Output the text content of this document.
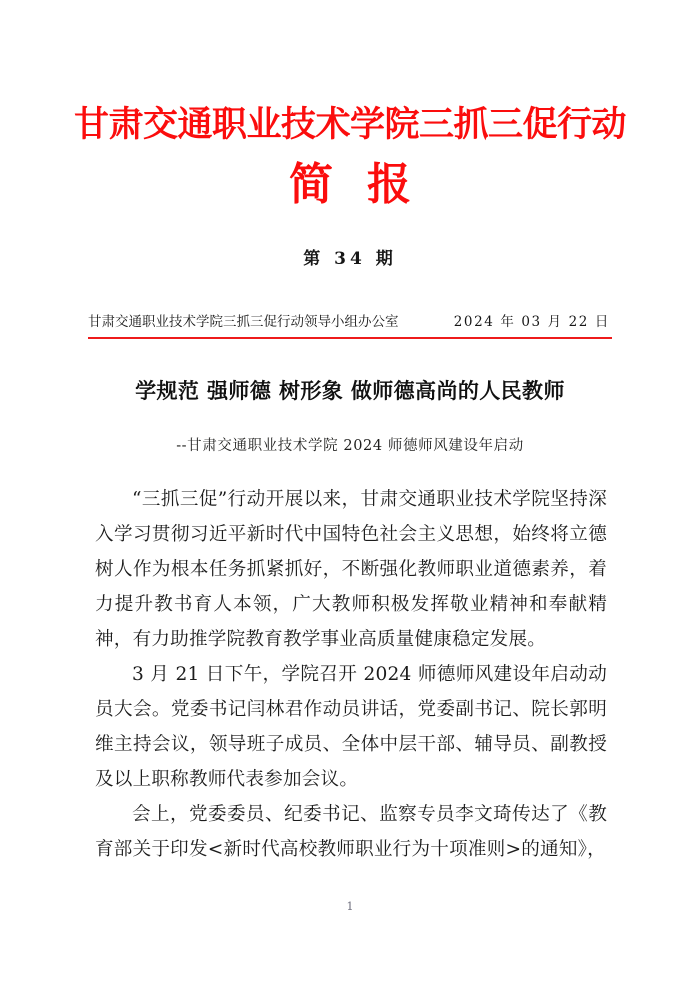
甘肃交通职业技术学院三抓三促行动
简报
第 34 期
甘肃交通职业技术学院三抓三促行动领导小组办公室	2024 年 03 月 22 日
学规范 强师德 树形象 做师德高尚的人民教师
--甘肃交通职业技术学院 2024 师德师风建设年启动

“三抓三促”行动开展以来，甘肃交通职业技术学院坚持深入学习贯彻习近平新时代中国特色社会主义思想，始终将立德树人作为根本任务抓紧抓好，不断强化教师职业道德素养，着力提升教书育人本领，广大教师积极发挥敬业精神和奉献精神，有力助推学院教育教学事业高质量健康稳定发展。

3 月 21 日下午，学院召开 2024 师德师风建设年启动动员大会。党委书记闫林君作动员讲话，党委副书记、院长郭明维主持会议，领导班子成员、全体中层干部、辅导员、副教授及以上职称教师代表参加会议。

会上，党委委员、纪委书记、监察专员李文琦传达了《教育部关于印发<新时代高校教师职业行为十项准则>的通知》，

1
